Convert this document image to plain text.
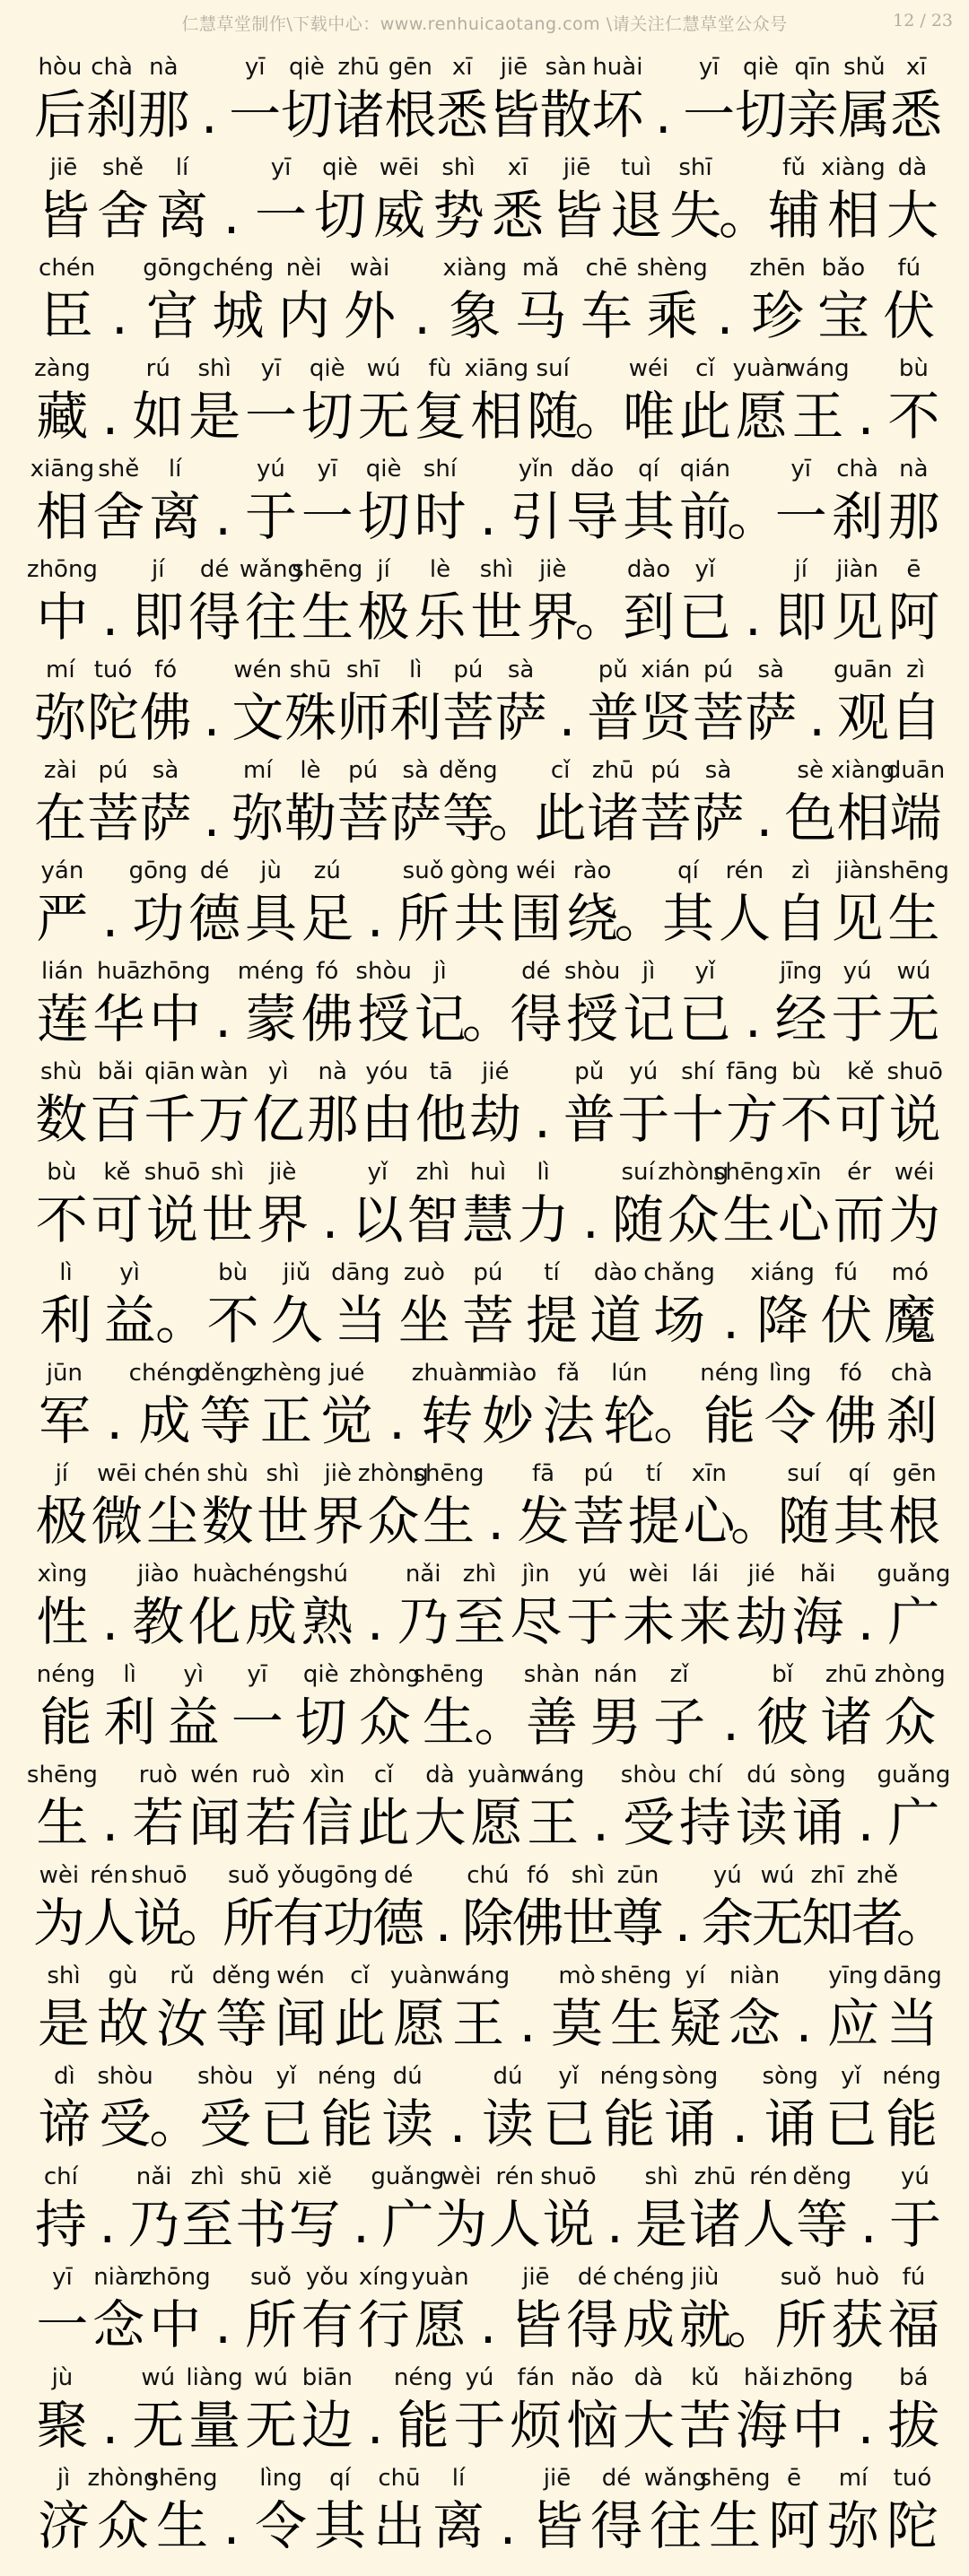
仁慧草堂制作\下载中心：www.renhuicaotang.com \请关注仁慧草堂公众号	12 / 23
hòu
后
chà
刹
nà
那 .
yī
一
qiè
切
zhū
诸
gēn
根
xī
悉
jiē
皆
sàn
散
huài
坏 .
yī
一
qiè
切
qīn
亲
shǔ
属
xī
悉
jiē
皆
shě
舍
lí
离 .
yī
一
qiè
切
wēi
威
shì
势
xī
悉
jiē
皆
tuì
退
shī
失
。
fǔ
辅
xiàng
相
dà
大
chén
臣 .
gōng
宫
chéng
城
nèi
内
wài
外 .
xiàng
象
mǎ
马
chē
车
shèng
乘 .
zhēn
珍
bǎo
宝
fú
伏
zàng
藏 .
rú
如
shì
是
yī
一
qiè
切
wú
无
fù
复
xiāng
相
suí
随
。
wéi
唯
cǐ
此
yuàn
愿
wáng
王 .
bù
不
xiāng
相
shě
舍
lí
离 .
yú
于
yī
一
qiè
切
shí
时 .
yǐn
引
dǎo
导
qí
其
qián
前
。
yī
一
chà
刹
nà
那
zhōng
中 .
jí
即
dé
得
wǎng
往
shēng
生
jí
极
lè
乐
shì
世
jiè
界
。
dào
到
yǐ
已 .
jí
即
jiàn
见
ē
阿
mí
弥
tuó
陀
fó
佛 .
wén
文
shū
殊
shī
师
lì
利
pú
菩
sà
萨 .
pǔ
普
xián
贤
pú
菩
sà
萨 .
guān
观
zì
自
zài
在
pú
菩
sà
萨 .
mí
弥
lè
勒
pú
菩
sà
萨
děng
等
。
cǐ
此
zhū
诸
pú
菩
sà
萨 .
sè
色
xiàng
相
duān
端
yán
严 .
gōng
功
dé
德
jù
具
zú
足 .
suǒ
所
gòng
共
wéi
围
rào
绕
。
qí
其
rén
人
zì
自
jiàn
见
shēng
生
lián
莲
huā
华
zhōng
中 .
méng
蒙
fó
佛
shòu
授
jì
记
。
dé
得
shòu
授
jì
记
yǐ
已 .
jīng
经
yú
于
wú
无
shù
数
bǎi
百
qiān
千
wàn
万
yì
亿
nà
那
yóu
由
tā
他
jié
劫 .
pǔ
普
yú
于
shí
十
fāng
方
bù
不
kě
可
shuō
说
bù
不
kě
可
shuō
说
shì
世
jiè
界 .
yǐ
以
zhì
智
huì
慧
lì
力 .
suí
随
zhòng
众
shēng
生
xīn
心
ér
而
wéi
为
lì
利
yì
益 。
bù
不
jiǔ
久
dāng
当
zuò
坐
pú
菩
tí
提
dào
道
chǎng
场 .
xiáng
降
fú
伏
mó
魔
jūn
军 .
chéng
成
děng
等
zhèng
正
jué
觉 .
zhuàn
转
miào
妙
fǎ
法
lún
轮
。
néng
能
lìng
令
fó
佛
chà
刹
jí
极
wēi
微
chén
尘
shù
数
shì
世
jiè
界
zhòng
众
shēng
生 .
fā
发
pú
菩
tí
提
xīn
心
。
suí
随
qí
其
gēn
根
xìng
性 .
jiào
教
huà
化
chéng
成
shú
熟 .
nǎi
乃
zhì
至
jìn
尽
yú
于
wèi
未
lái
来
jié
劫
hǎi
海 .
guǎng
广
néng
能
lì
利
yì
益
yī
一
qiè
切
zhòng
众
shēng
生 。
shàn
善
nán
男
zǐ
子 .
bǐ
彼
zhū
诸
zhòng
众
shēng
生 .
ruò
若
wén
闻
ruò
若
xìn
信
cǐ
此
dà
大
yuàn
愿
wáng
王 .
shòu
受
chí
持
dú
读
sòng
诵 .
guǎng
广
wèi
为
rén
人
shuō
说
。
suǒ
所
yǒu
有
gōng
功
dé
德 .
chú
除
fó
佛
shì
世
zūn
尊 .
yú
余
wú
无
zhī
知
zhě
者
。
shì
是
gù
故
rǔ
汝
děng
等
wén
闻
cǐ
此
yuàn
愿
wáng
王 .
mò
莫
shēng
生
yí
疑
niàn
念 .
yīng
应
dāng
当
dì
谛
shòu
受
。
shòu
受
yǐ
已
néng
能
dú
读 .
dú
读
yǐ
已
néng
能
sòng
诵 .
sòng
诵
yǐ
已
néng
能
chí
持 .
nǎi
乃
zhì
至
shū
书
xiě
写 .
guǎng
广
wèi
为
rén
人
shuō
说 .
shì
是
zhū
诸
rén
人
děng
等 .
yú
于
yī
一
niàn
念
zhōng
中 .
suǒ
所
yǒu
有
xíng
行
yuàn
愿 .
jiē
皆
dé
得
chéng
成
jiù
就
。
suǒ
所
huò
获
fú
福
jù
聚 .
wú
无
liàng
量
wú
无
biān
边 .
néng
能
yú
于
fán
烦
nǎo
恼
dà
大
kǔ
苦
hǎi
海
zhōng
中 .
bá
拔
jì
济
zhòng
众
shēng
生 .
lìng
令
qí
其
chū
出
lí
离 .
jiē
皆
dé
得
wǎng
往
shēng
生
ē
阿
mí
弥
tuó
陀
